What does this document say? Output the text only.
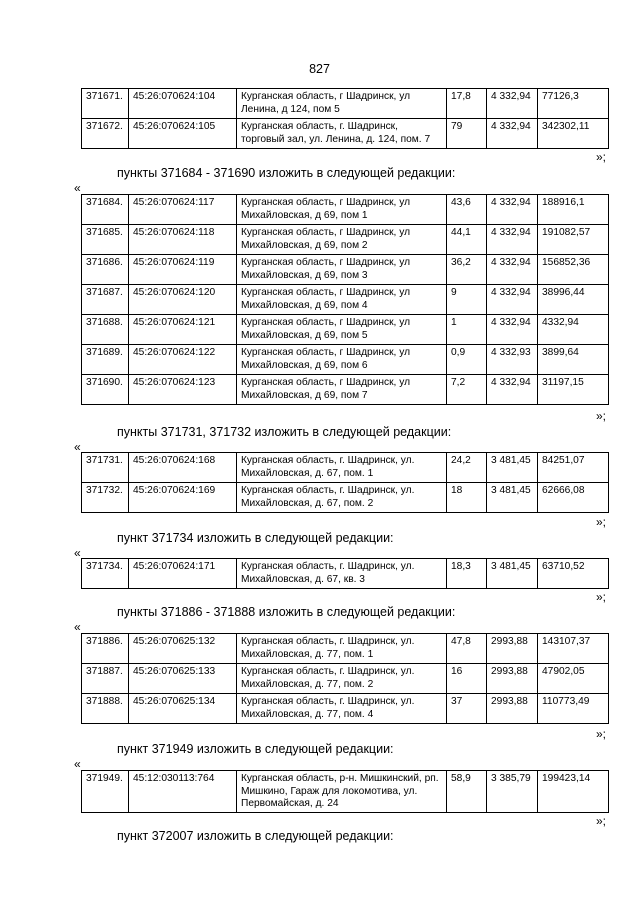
827
371671.	45:26:070624:104	Курганская область, г Шадринск, ул Ленина, д 124, пом 5	17,8	4 332,94	77126,3
371672.	45:26:070624:105	Курганская область, г. Шадринск, торговый зал, ул. Ленина, д. 124, пом. 7	79	4 332,94	342302,11
»;
пункты 371684 - 371690 изложить в следующей редакции:
«
371684.	45:26:070624:117	Курганская область, г Шадринск, ул Михайловская, д 69, пом 1	43,6	4 332,94	188916,1
371685.	45:26:070624:118	Курганская область, г Шадринск, ул Михайловская, д 69, пом 2	44,1	4 332,94	191082,57
371686.	45:26:070624:119	Курганская область, г Шадринск, ул Михайловская, д 69, пом 3	36,2	4 332,94	156852,36
371687.	45:26:070624:120	Курганская область, г Шадринск, ул Михайловская, д 69, пом 4	9	4 332,94	38996,44
371688.	45:26:070624:121	Курганская область, г Шадринск, ул Михайловская, д 69, пом 5	1	4 332,94	4332,94
371689.	45:26:070624:122	Курганская область, г Шадринск, ул Михайловская, д 69, пом 6	0,9	4 332,93	3899,64
371690.	45:26:070624:123	Курганская область, г Шадринск, ул Михайловская, д 69, пом 7	7,2	4 332,94	31197,15
»;
пункты 371731, 371732 изложить в следующей редакции:
«
371731.	45:26:070624:168	Курганская область, г. Шадринск, ул. Михайловская, д. 67, пом. 1	24,2	3 481,45	84251,07
371732.	45:26:070624:169	Курганская область, г. Шадринск, ул. Михайловская, д. 67, пом. 2	18	3 481,45	62666,08
»;
пункт 371734 изложить в следующей редакции:
«
371734.	45:26:070624:171	Курганская область, г. Шадринск, ул. Михайловская, д. 67, кв. 3	18,3	3 481,45	63710,52
»;
пункты 371886 - 371888 изложить в следующей редакции:
«
371886.	45:26:070625:132	Курганская область, г. Шадринск, ул. Михайловская, д. 77, пом. 1	47,8	2993,88	143107,37
371887.	45:26:070625:133	Курганская область, г. Шадринск, ул. Михайловская, д. 77, пом. 2	16	2993,88	47902,05
371888.	45:26:070625:134	Курганская область, г. Шадринск, ул. Михайловская, д. 77, пом. 4	37	2993,88	110773,49
»;
пункт 371949 изложить в следующей редакции:
«
371949.	45:12:030113:764	Курганская область, р-н. Мишкинский, рп. Мишкино, Гараж для локомотива, ул. Первомайская, д. 24	58,9	3 385,79	199423,14
»;
пункт 372007 изложить в следующей редакции:
